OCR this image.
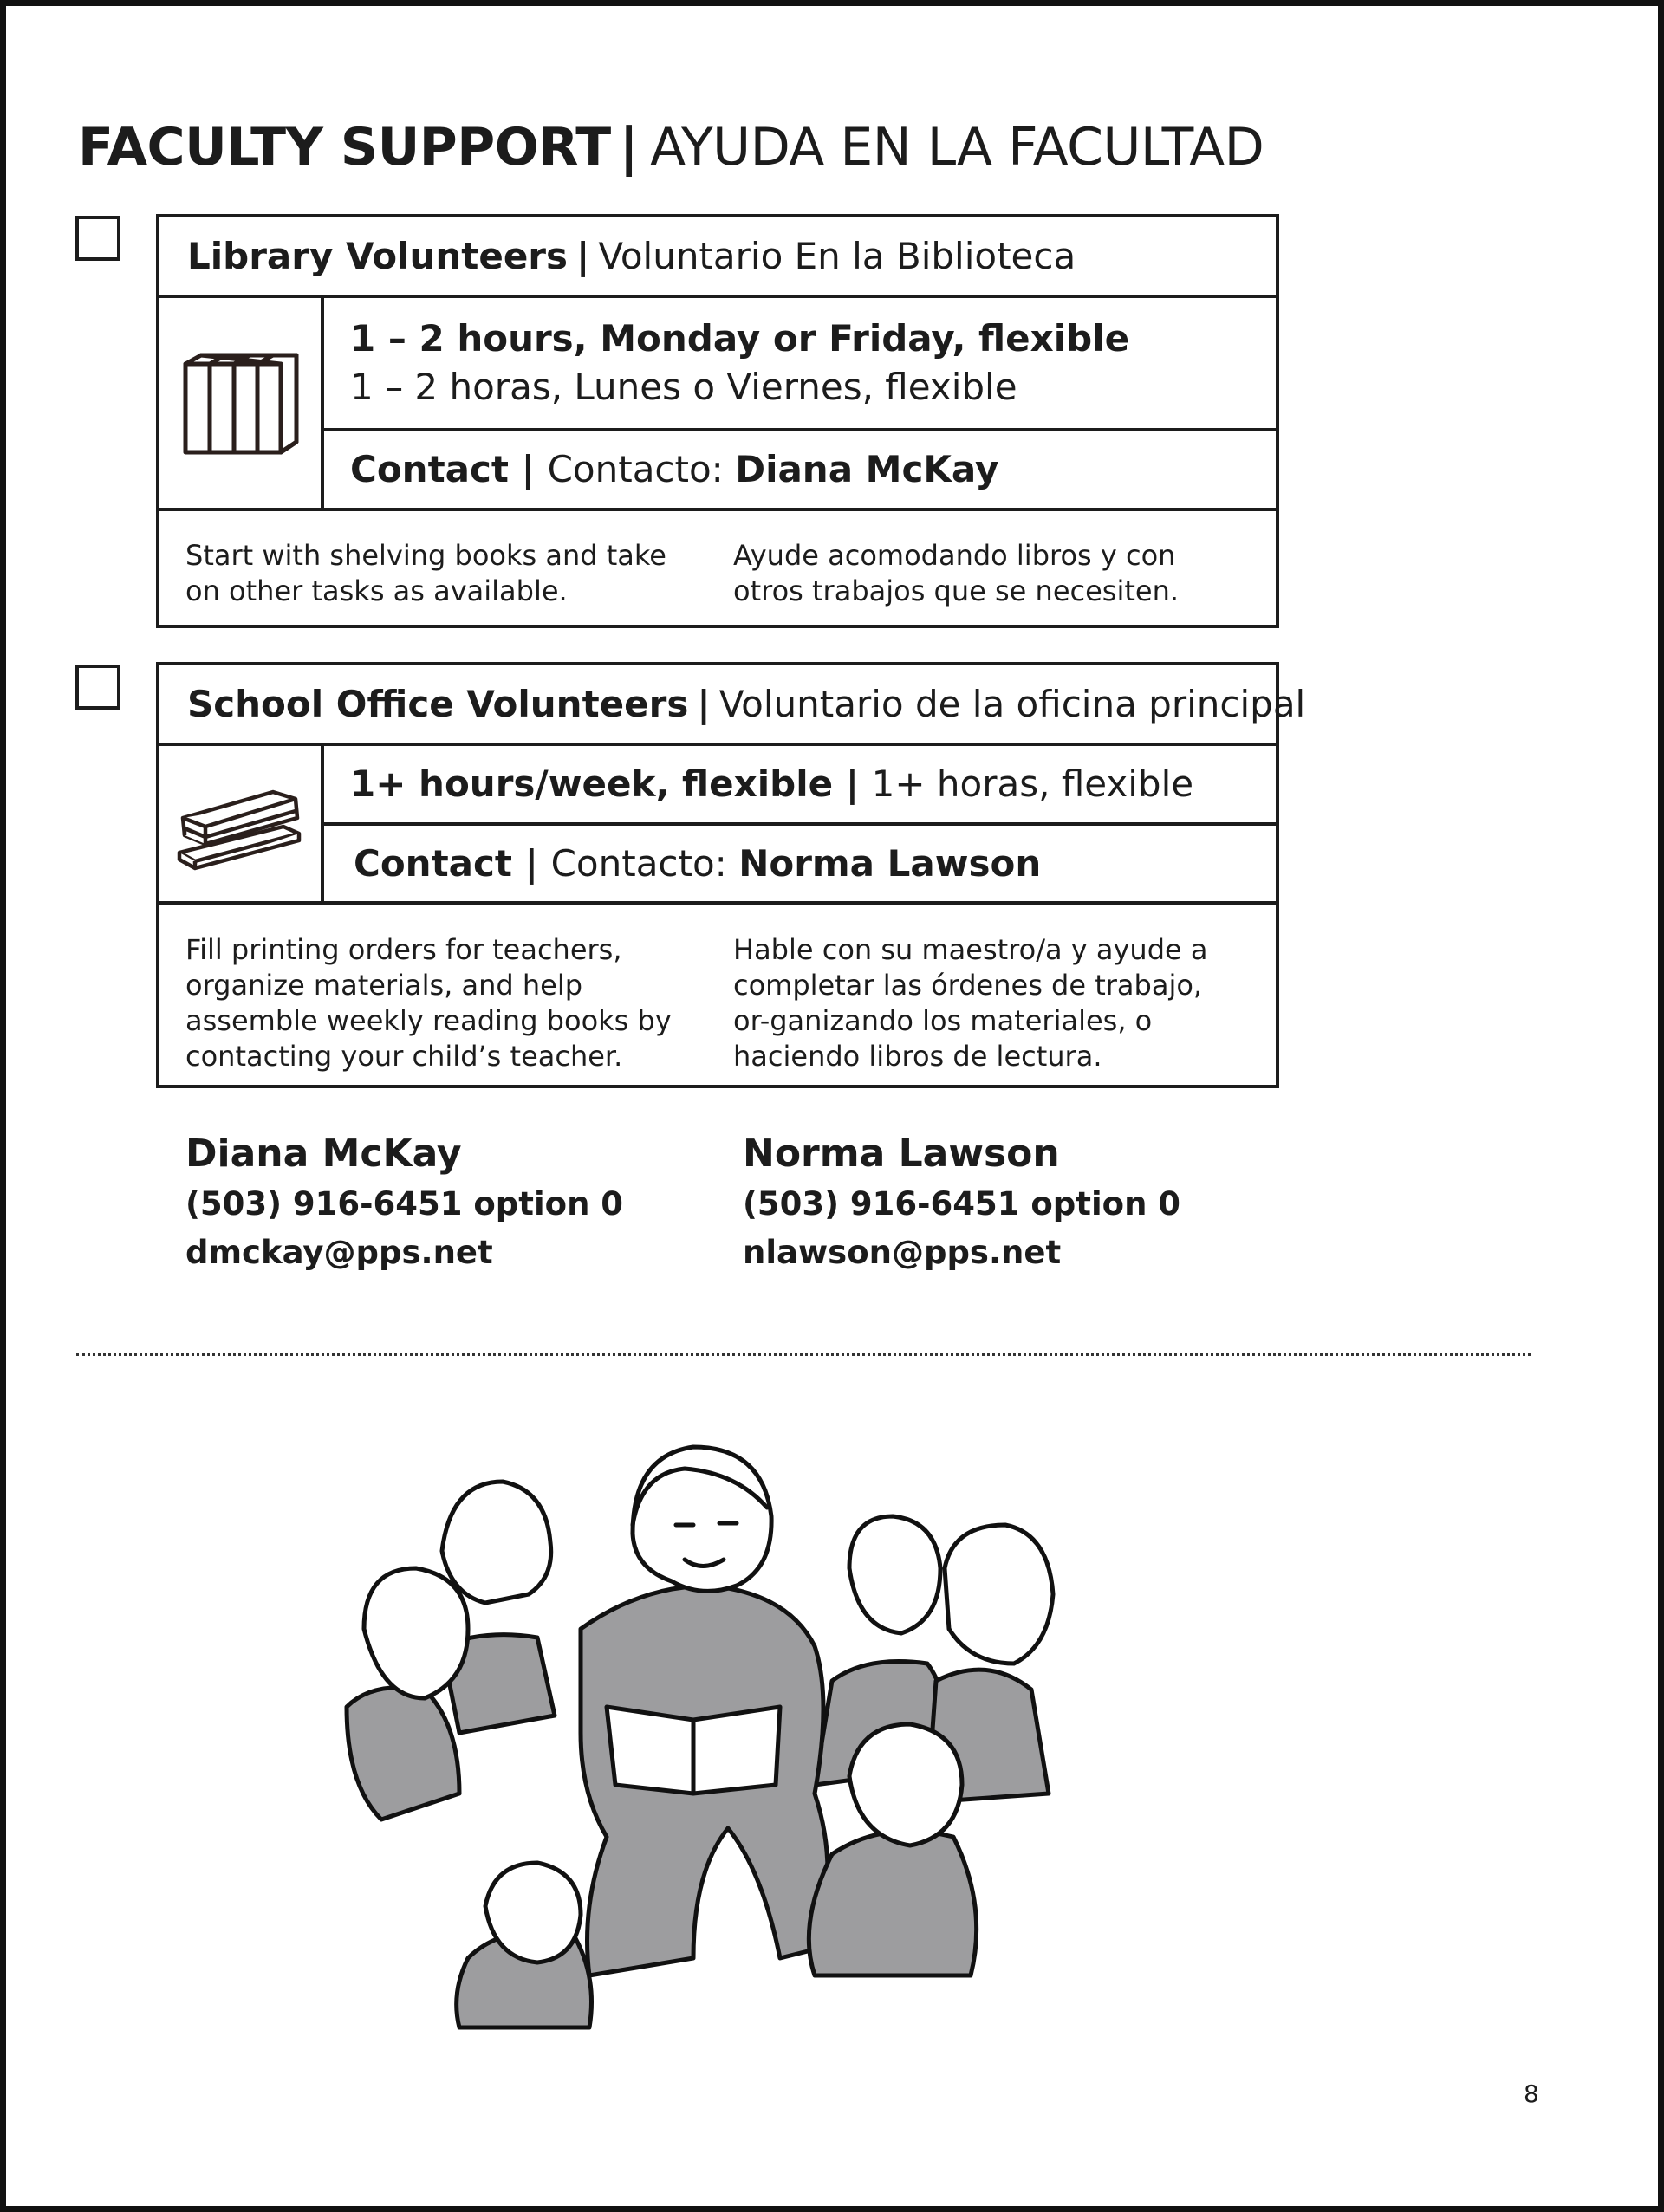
FACULTY SUPPORT | AYUDA EN LA FACULTAD
Library Volunteers | Voluntario En la Biblioteca
1 – 2 hours, Monday or Friday, flexible
1 – 2 horas, Lunes o Viernes, flexible
Contact | Contacto: Diana McKay
Start with shelving books and take on other tasks as available.
Ayude acomodando libros y con otros trabajos que se necesiten.
School Office Volunteers | Voluntario de la oficina principal
1+ hours/week, flexible | 1+ horas, flexible
Contact | Contacto: Norma Lawson
Fill printing orders for teachers, organize materials, and help assemble weekly reading books by contacting your child’s teacher.
Hable con su maestro/a y ayude a completar las órdenes de trabajo, or-ganizando los materiales, o haciendo libros de lectura.
Diana McKay
(503) 916-6451 option 0
dmckay@pps.net
Norma Lawson
(503) 916-6451 option 0
nlawson@pps.net
8
